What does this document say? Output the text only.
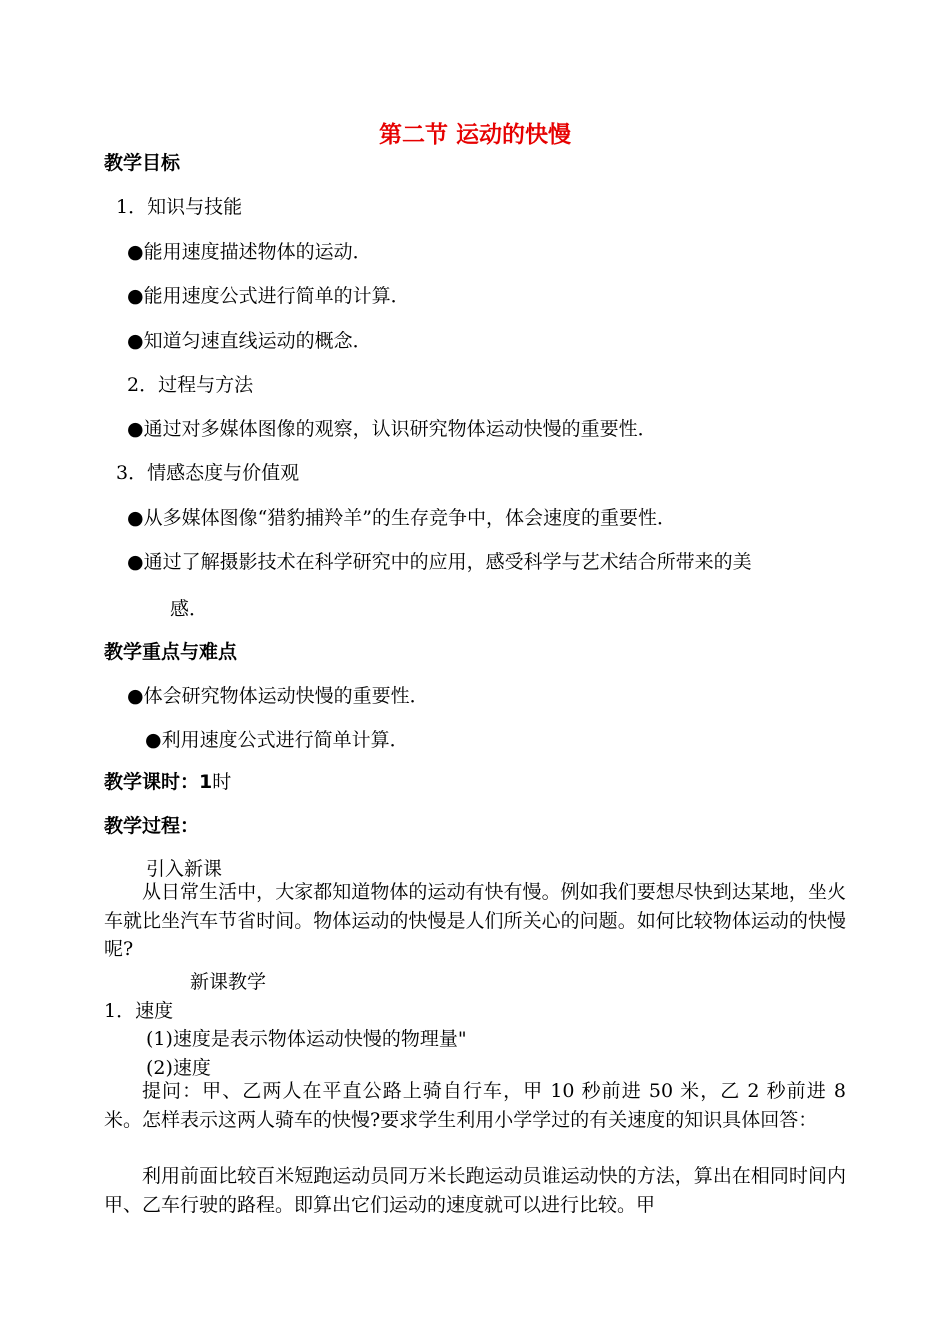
第二节 运动的快慢
教学目标
1．知识与技能
●能用速度描述物体的运动．
●能用速度公式进行简单的计算．
●知道匀速直线运动的概念．
2．过程与方法
●通过对多媒体图像的观察，认识研究物体运动快慢的重要性．
3．情感态度与价值观
●从多媒体图像“猎豹捕羚羊”的生存竞争中，体会速度的重要性．
●通过了解摄影技术在科学研究中的应用，感受科学与艺术结合所带来的美
感．
教学重点与难点
●体会研究物体运动快慢的重要性．
●利用速度公式进行简单计算．
教学课时：1时
教学过程：
引入新课
从日常生活中，大家都知道物体的运动有快有慢。例如我们要想尽快到达某地，坐火车就比坐汽车节省时间。物体运动的快慢是人们所关心的问题。如何比较物体运动的快慢呢?
新课教学
1．速度
(1)速度是表示物体运动快慢的物理量"
(2)速度
提问：甲、乙两人在平直公路上骑自行车，甲 10 秒前进 50 米，乙 2 秒前进 8 米。怎样表示这两人骑车的快慢?要求学生利用小学学过的有关速度的知识具体回答：
利用前面比较百米短跑运动员同万米长跑运动员谁运动快的方法，算出在相同时间内甲、乙车行驶的路程。即算出它们运动的速度就可以进行比较。甲
